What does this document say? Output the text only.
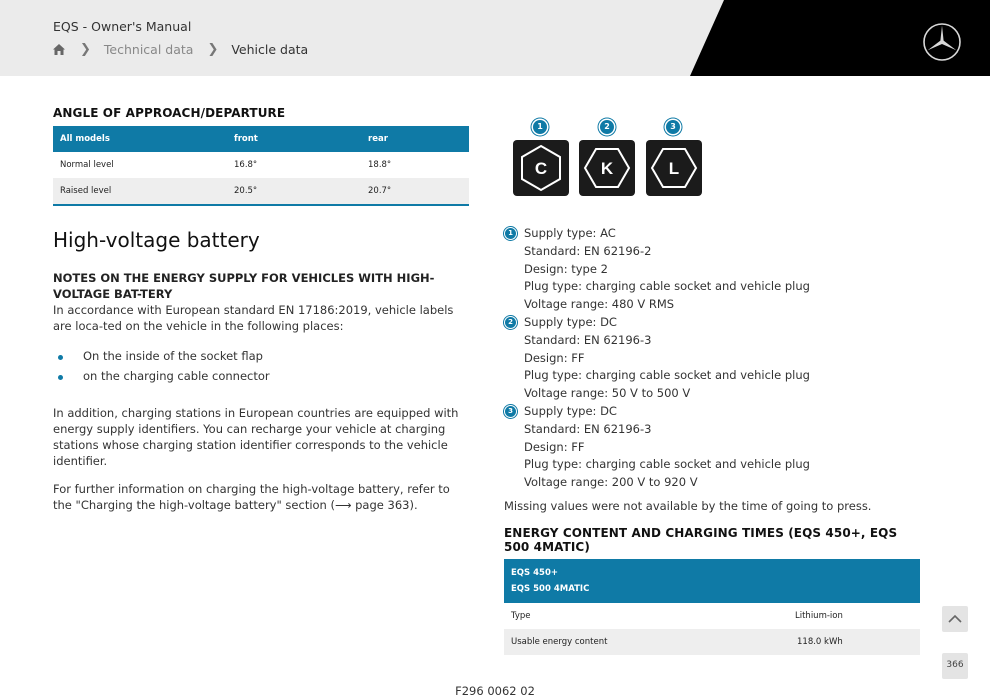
EQS - Owner's Manual
❯ Technical data ❯ Vehicle data
ANGLE OF APPROACH/DEPARTURE
All models	front	rear
Normal level	16.8°	18.8°
Raised level	20.5°	20.7°
High-voltage battery
NOTES ON THE ENERGY SUPPLY FOR VEHICLES WITH HIGH-VOLTAGE BAT-TERY

In accordance with European standard EN 17186:2019, vehicle labels are loca-ted on the vehicle in the following places:

On the inside of the socket flap
on the charging cable connector

In addition, charging stations in European countries are equipped with energy supply identifiers. You can recharge your vehicle at charging stations whose charging station identifier corresponds to the vehicle identifier.

For further information on charging the high-voltage battery, refer to the "Charging the high-voltage battery" section (⟶ page 363).

1	2	3
C	K	L
1 Supply type: AC
Standard: EN 62196-2
Design: type 2
Plug type: charging cable socket and vehicle plug
Voltage range: 480 V RMS
2 Supply type: DC
Standard: EN 62196-3
Design: FF
Plug type: charging cable socket and vehicle plug
Voltage range: 50 V to 500 V
3 Supply type: DC
Standard: EN 62196-3
Design: FF
Plug type: charging cable socket and vehicle plug
Voltage range: 200 V to 920 V

Missing values were not available by the time of going to press.

ENERGY CONTENT AND CHARGING TIMES (EQS 450+, EQS 500 4MATIC)
EQS 450+
EQS 500 4MATIC	

Type	Lithium-ion
Usable energy content	118.0 kWh
366
F296 0062 02
